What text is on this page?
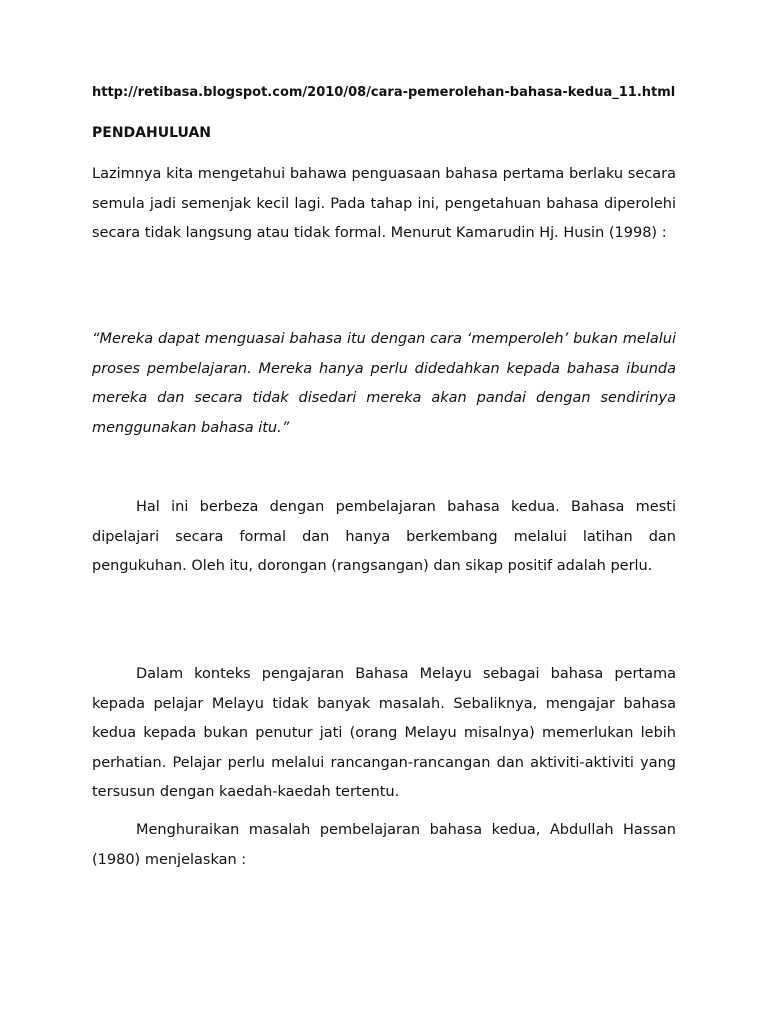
http://retibasa.blogspot.com/2010/08/cara-pemerolehan-bahasa-kedua_11.html

PENDAHULUAN

Lazimnya kita mengetahui bahawa penguasaan bahasa pertama berlaku secara semula jadi semenjak kecil lagi. Pada tahap ini, pengetahuan bahasa diperolehi secara tidak langsung atau tidak formal. Menurut Kamarudin Hj. Husin (1998) :

“Mereka dapat menguasai bahasa itu dengan cara ‘memperoleh’ bukan melalui proses pembelajaran. Mereka hanya perlu didedahkan kepada bahasa ibunda mereka dan secara tidak disedari mereka akan pandai dengan sendirinya menggunakan bahasa itu.”

Hal ini berbeza dengan pembelajaran bahasa kedua. Bahasa mesti dipelajari secara formal dan hanya berkembang melalui latihan dan pengukuhan. Oleh itu, dorongan (rangsangan) dan sikap positif adalah perlu.

Dalam konteks pengajaran Bahasa Melayu sebagai bahasa pertama kepada pelajar Melayu tidak banyak masalah. Sebaliknya, mengajar bahasa kedua kepada bukan penutur jati (orang Melayu misalnya) memerlukan lebih perhatian. Pelajar perlu melalui rancangan-rancangan dan aktiviti-aktiviti yang tersusun dengan kaedah-kaedah tertentu.

Menghuraikan masalah pembelajaran bahasa kedua, Abdullah Hassan (1980) menjelaskan :
